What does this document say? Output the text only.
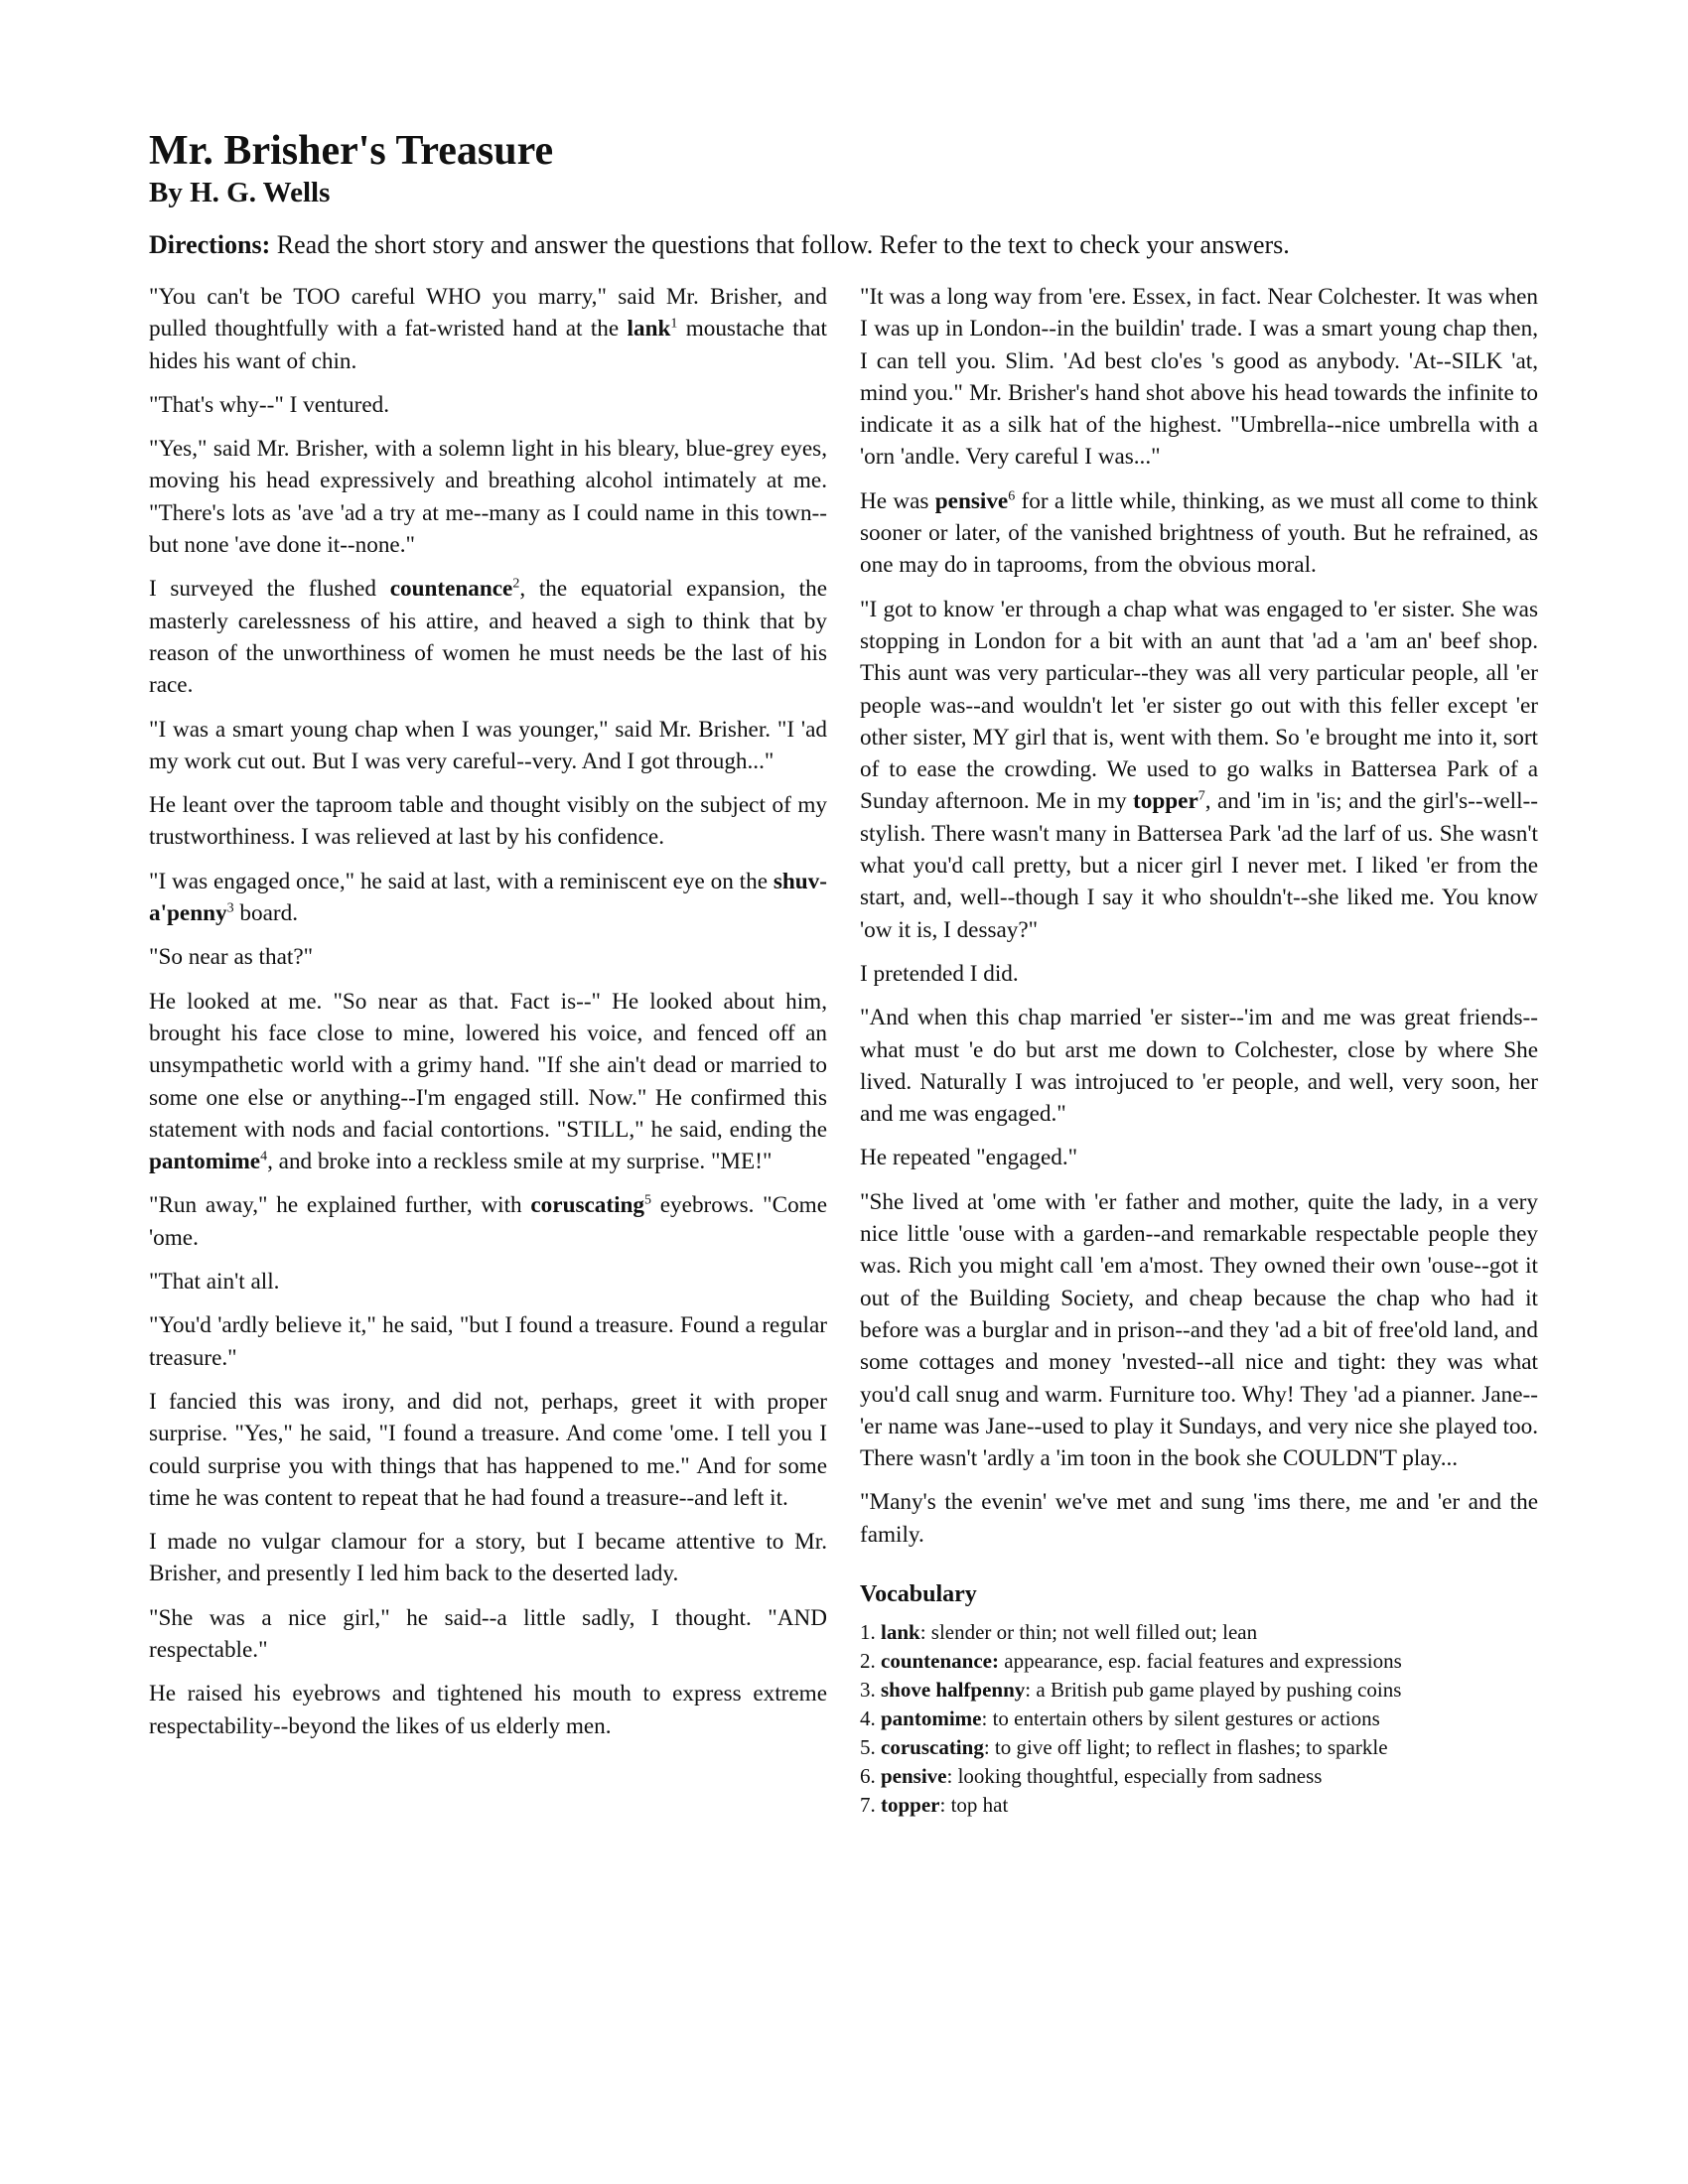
Mr. Brisher's Treasure
By H. G. Wells

Directions: Read the short story and answer the questions that follow. Refer to the text to check your answers.

"You can't be TOO careful WHO you marry," said Mr. Brisher, and pulled thoughtfully with a fat-wristed hand at the lank$^1$ moustache that hides his want of chin.

"That's why--" I ventured.

"Yes," said Mr. Brisher, with a solemn light in his bleary, blue-grey eyes, moving his head expressively and breathing alcohol intimately at me. "There's lots as 'ave 'ad a try at me--many as I could name in this town--but none 'ave done it--none."

I surveyed the flushed countenance$^2$, the equatorial expansion, the masterly carelessness of his attire, and heaved a sigh to think that by reason of the unworthiness of women he must needs be the last of his race.

"I was a smart young chap when I was younger," said Mr. Brisher. "I 'ad my work cut out. But I was very careful--very. And I got through..."

He leant over the taproom table and thought visibly on the subject of my trustworthiness. I was relieved at last by his confidence.

"I was engaged once," he said at last, with a reminiscent eye on the shuv-a'penny$^3$ board.

"So near as that?"

He looked at me. "So near as that. Fact is--" He looked about him, brought his face close to mine, lowered his voice, and fenced off an unsympathetic world with a grimy hand. "If she ain't dead or married to some one else or anything--I'm engaged still. Now." He confirmed this statement with nods and facial contortions. "STILL," he said, ending the pantomime$^4$, and broke into a reckless smile at my surprise. "ME!"

"Run away," he explained further, with coruscating$^5$ eyebrows. "Come 'ome.

"That ain't all.

"You'd 'ardly believe it," he said, "but I found a treasure. Found a regular treasure."

I fancied this was irony, and did not, perhaps, greet it with proper surprise. "Yes," he said, "I found a treasure. And come 'ome. I tell you I could surprise you with things that has happened to me." And for some time he was content to repeat that he had found a treasure--and left it.

I made no vulgar clamour for a story, but I became attentive to Mr. Brisher, and presently I led him back to the deserted lady.

"She was a nice girl," he said--a little sadly, I thought. "AND respectable."

He raised his eyebrows and tightened his mouth to express extreme respectability--beyond the likes of us elderly men.

"It was a long way from 'ere. Essex, in fact. Near Colchester. It was when I was up in London--in the buildin' trade. I was a smart young chap then, I can tell you. Slim. 'Ad best clo'es 's good as anybody. 'At--SILK 'at, mind you." Mr. Brisher's hand shot above his head towards the infinite to indicate it as a silk hat of the highest. "Umbrella--nice umbrella with a 'orn 'andle. Very careful I was..."

He was pensive$^6$ for a little while, thinking, as we must all come to think sooner or later, of the vanished brightness of youth. But he refrained, as one may do in taprooms, from the obvious moral.

"I got to know 'er through a chap what was engaged to 'er sister. She was stopping in London for a bit with an aunt that 'ad a 'am an' beef shop. This aunt was very particular--they was all very particular people, all 'er people was--and wouldn't let 'er sister go out with this feller except 'er other sister, MY girl that is, went with them. So 'e brought me into it, sort of to ease the crowding. We used to go walks in Battersea Park of a Sunday afternoon. Me in my topper$^7$, and 'im in 'is; and the girl's--well--stylish. There wasn't many in Battersea Park 'ad the larf of us. She wasn't what you'd call pretty, but a nicer girl I never met. I liked 'er from the start, and, well--though I say it who shouldn't--she liked me. You know 'ow it is, I dessay?"

I pretended I did.

"And when this chap married 'er sister--'im and me was great friends--what must 'e do but arst me down to Colchester, close by where She lived. Naturally I was introjuced to 'er people, and well, very soon, her and me was engaged."

He repeated "engaged."

"She lived at 'ome with 'er father and mother, quite the lady, in a very nice little 'ouse with a garden--and remarkable respectable people they was. Rich you might call 'em a'most. They owned their own 'ouse--got it out of the Building Society, and cheap because the chap who had it before was a burglar and in prison--and they 'ad a bit of free'old land, and some cottages and money 'nvested--all nice and tight: they was what you'd call snug and warm. Furniture too. Why! They 'ad a pianner. Jane--'er name was Jane--used to play it Sundays, and very nice she played too. There wasn't 'ardly a 'im toon in the book she COULDN'T play...

"Many's the evenin' we've met and sung 'ims there, me and 'er and the family.

Vocabulary
1. lank: slender or thin; not well filled out; lean
2. countenance: appearance, esp. facial features and expressions
3. shove halfpenny: a British pub game played by pushing coins
4. pantomime: to entertain others by silent gestures or actions
5. coruscating: to give off light; to reflect in flashes; to sparkle
6. pensive: looking thoughtful, especially from sadness
7. topper: top hat
